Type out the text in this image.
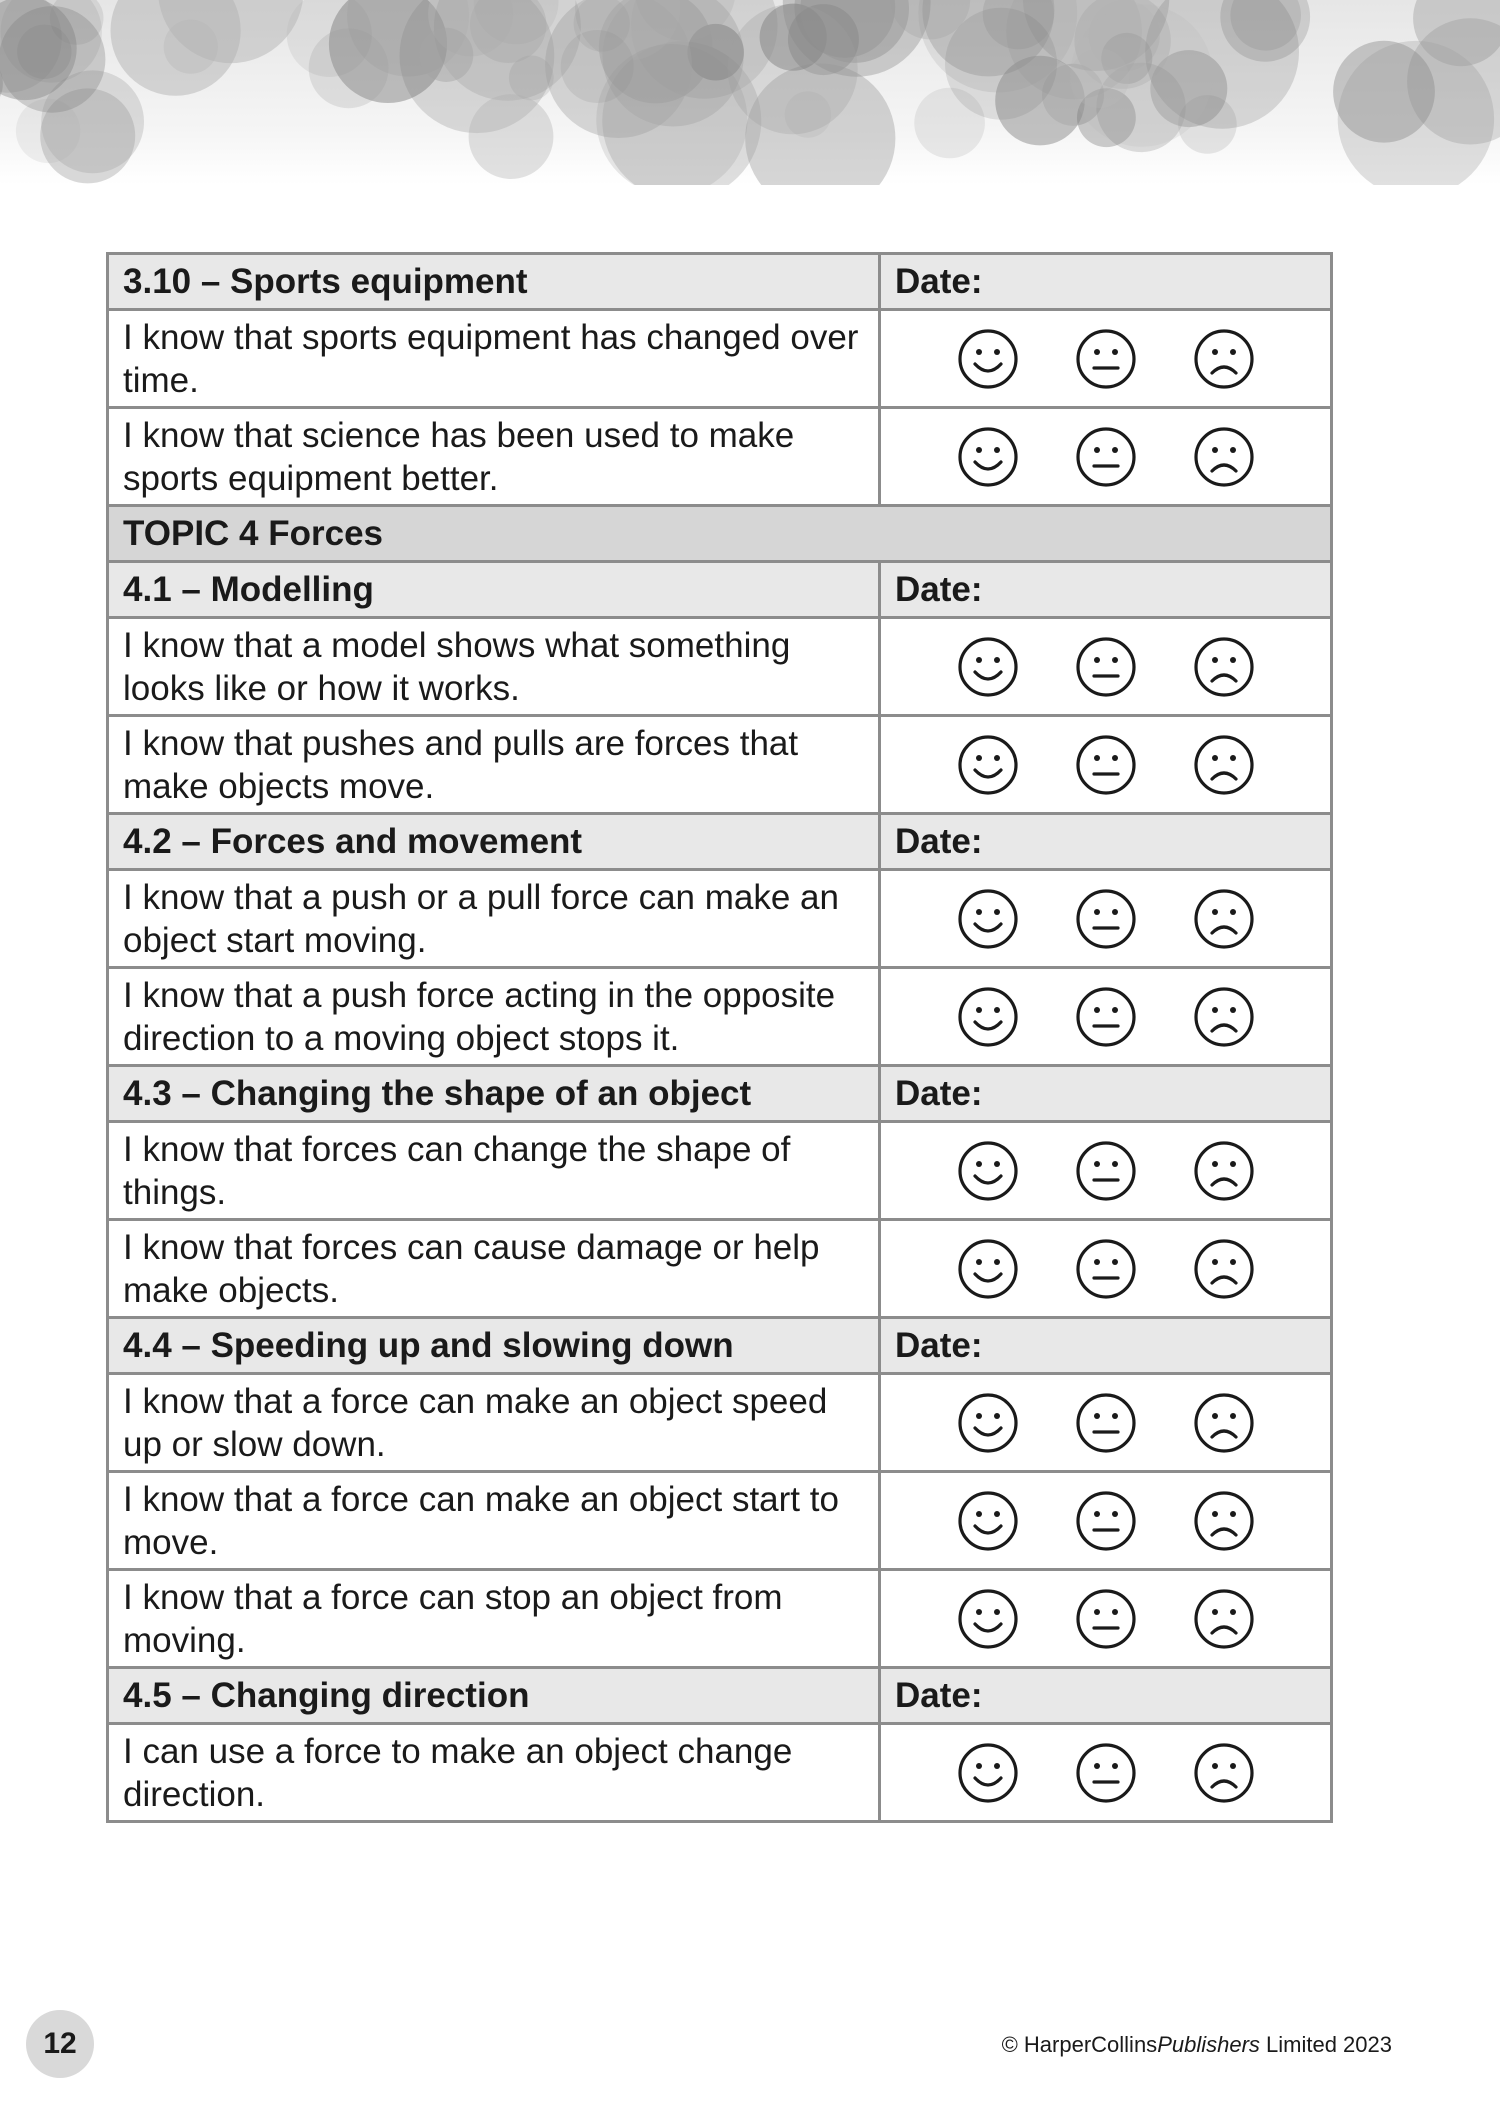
3.10 – Sports equipment	Date:
I know that sports equipment has changed over time.	

I know that science has been used to make sports equipment better.	

TOPIC 4 Forces	
4.1 – Modelling	Date:
I know that a model shows what something looks like or how it works.	

I know that pushes and pulls are forces that make objects move.	

4.2 – Forces and movement	Date:
I know that a push or a pull force can make an object start moving.	

I know that a push force acting in the opposite direction to a moving object stops it.	

4.3 – Changing the shape of an object	Date:
I know that forces can change the shape of things.	

I know that forces can cause damage or help make objects.	

4.4 – Speeding up and slowing down	Date:
I know that a force can make an object speed up or slow down.	

I know that a force can make an object start to move.	

I know that a force can stop an object from moving.	

4.5 – Changing direction	Date:
I can use a force to make an object change direction.	
12	© HarperCollinsPublishers Limited 2023
